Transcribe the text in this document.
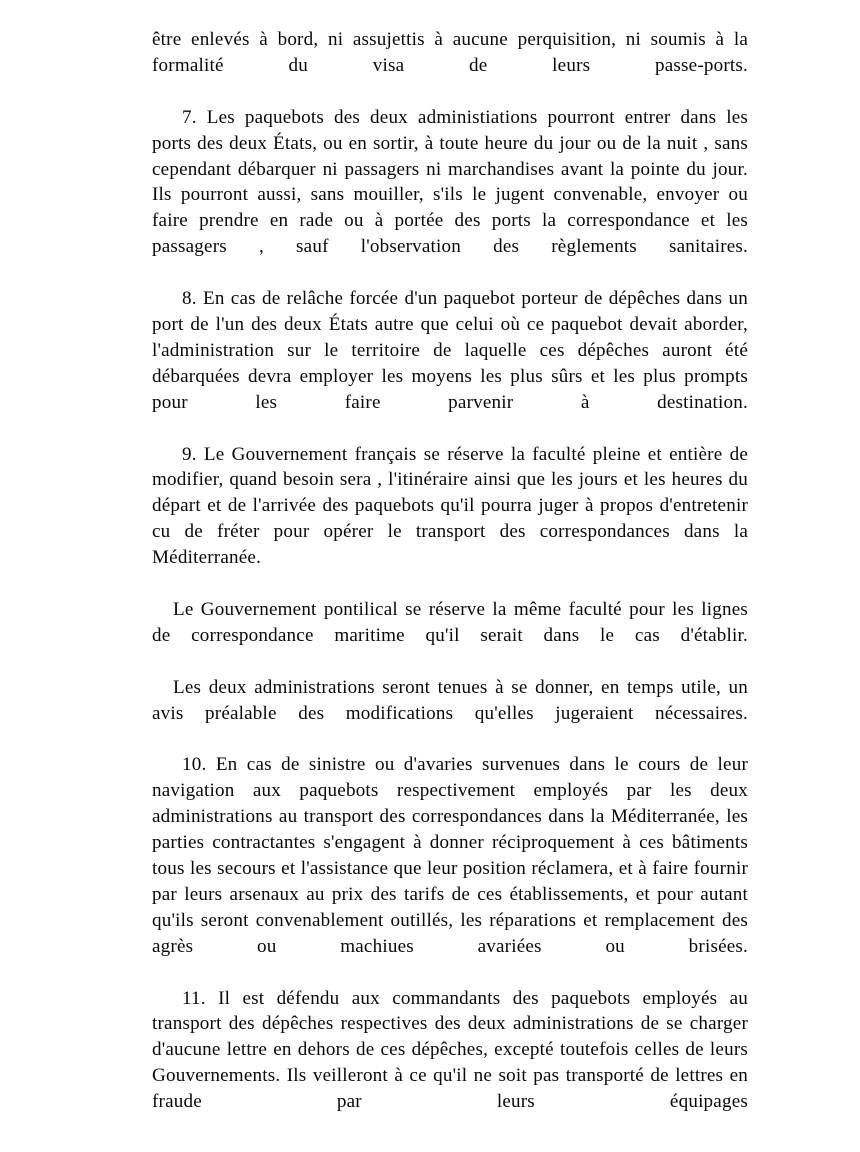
être enlevés à bord, ni assujettis à aucune perquisition, ni soumis à la formalité du visa de leurs passe-ports.

7. Les paquebots des deux administiations pourront entrer dans les ports des deux États, ou en sortir, à toute heure du jour ou de la nuit , sans cependant débarquer ni passagers ni marchandises avant la pointe du jour. Ils pourront aussi, sans mouiller, s'ils le jugent convenable, envoyer ou faire prendre en rade ou à portée des ports la correspondance et les passagers , sauf l'observation des règlements sanitaires.

8. En cas de relâche forcée d'un paquebot porteur de dépêches dans un port de l'un des deux États autre que celui où ce paquebot devait aborder, l'administration sur le territoire de laquelle ces dépêches auront été débarquées devra employer les moyens les plus sûrs et les plus prompts pour les faire parvenir à destination.

9. Le Gouvernement français se réserve la faculté pleine et entière de modifier, quand besoin sera , l'itinéraire ainsi que les jours et les heures du départ et de l'arrivée des paquebots qu'il pourra juger à propos d'entretenir cu de fréter pour opérer le transport des correspondances dans la Méditerranée.

Le Gouvernement pontilical se réserve la même faculté pour les lignes de correspondance maritime qu'il serait dans le cas d'établir.

Les deux administrations seront tenues à se donner, en temps utile, un avis préalable des modifications qu'elles jugeraient nécessaires.

10. En cas de sinistre ou d'avaries survenues dans le cours de leur navigation aux paquebots respectivement employés par les deux administrations au transport des correspondances dans la Méditerranée, les parties contractantes s'engagent à donner réciproquement à ces bâtiments tous les secours et l'assistance que leur position réclamera, et à faire fournir par leurs arsenaux au prix des tarifs de ces établissements, et pour autant qu'ils seront convenablement outillés, les réparations et remplacement des agrès ou machiues avariées ou brisées.

11. Il est défendu aux commandants des paquebots employés au transport des dépêches respectives des deux administrations de se charger d'aucune lettre en dehors de ces dépêches, excepté toutefois celles de leurs Gouvernements. Ils veilleront à ce qu'il ne soit pas transporté de lettres en fraude par leurs équipages
